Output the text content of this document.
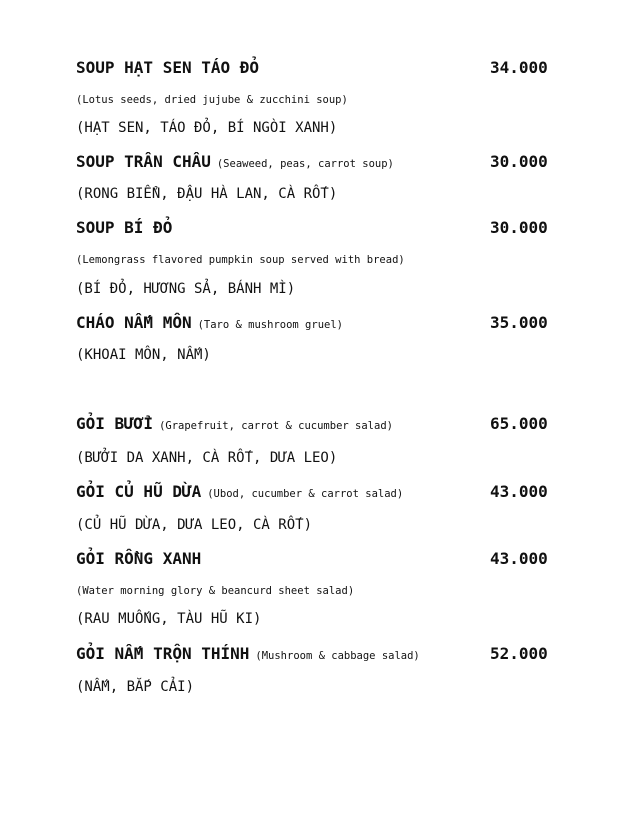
SOUP HẠT SEN TÁO ĐỎ	34.000
(Lotus seeds, dried jujube & zucchini soup)
(HẠT SEN, TÁO ĐỎ, BÍ NGÒI XANH)
SOUP TRÂN CHÂU (Seaweed, peas, carrot soup)	30.000
(RONG BIỂN, ĐẬU HÀ LAN, CÀ RỐT)
SOUP BÍ ĐỎ	30.000
(Lemongrass flavored pumpkin soup served with bread)
(BÍ ĐỎ, HƯƠNG SẢ, BÁNH MÌ)
CHÁO NẤM MÔN (Taro & mushroom gruel)	35.000
(KHOAI MÔN, NẤM)
GỎI BƯỞI (Grapefruit, carrot & cucumber salad)	65.000
(BƯỞI DA XANH, CÀ RỐT, DƯA LEO)
GỎI CỦ HŨ DỪA (Ubod, cucumber & carrot salad)	43.000
(CỦ HŨ DỪA, DƯA LEO, CÀ RỐT)
GỎI RỒNG XANH	43.000
(Water morning glory & beancurd sheet salad)
(RAU MUỐNG, TÀU HŨ KI)
GỎI NẤM TRỘN THÍNH (Mushroom & cabbage salad)	52.000
(NẤM, BẮP CẢI)
